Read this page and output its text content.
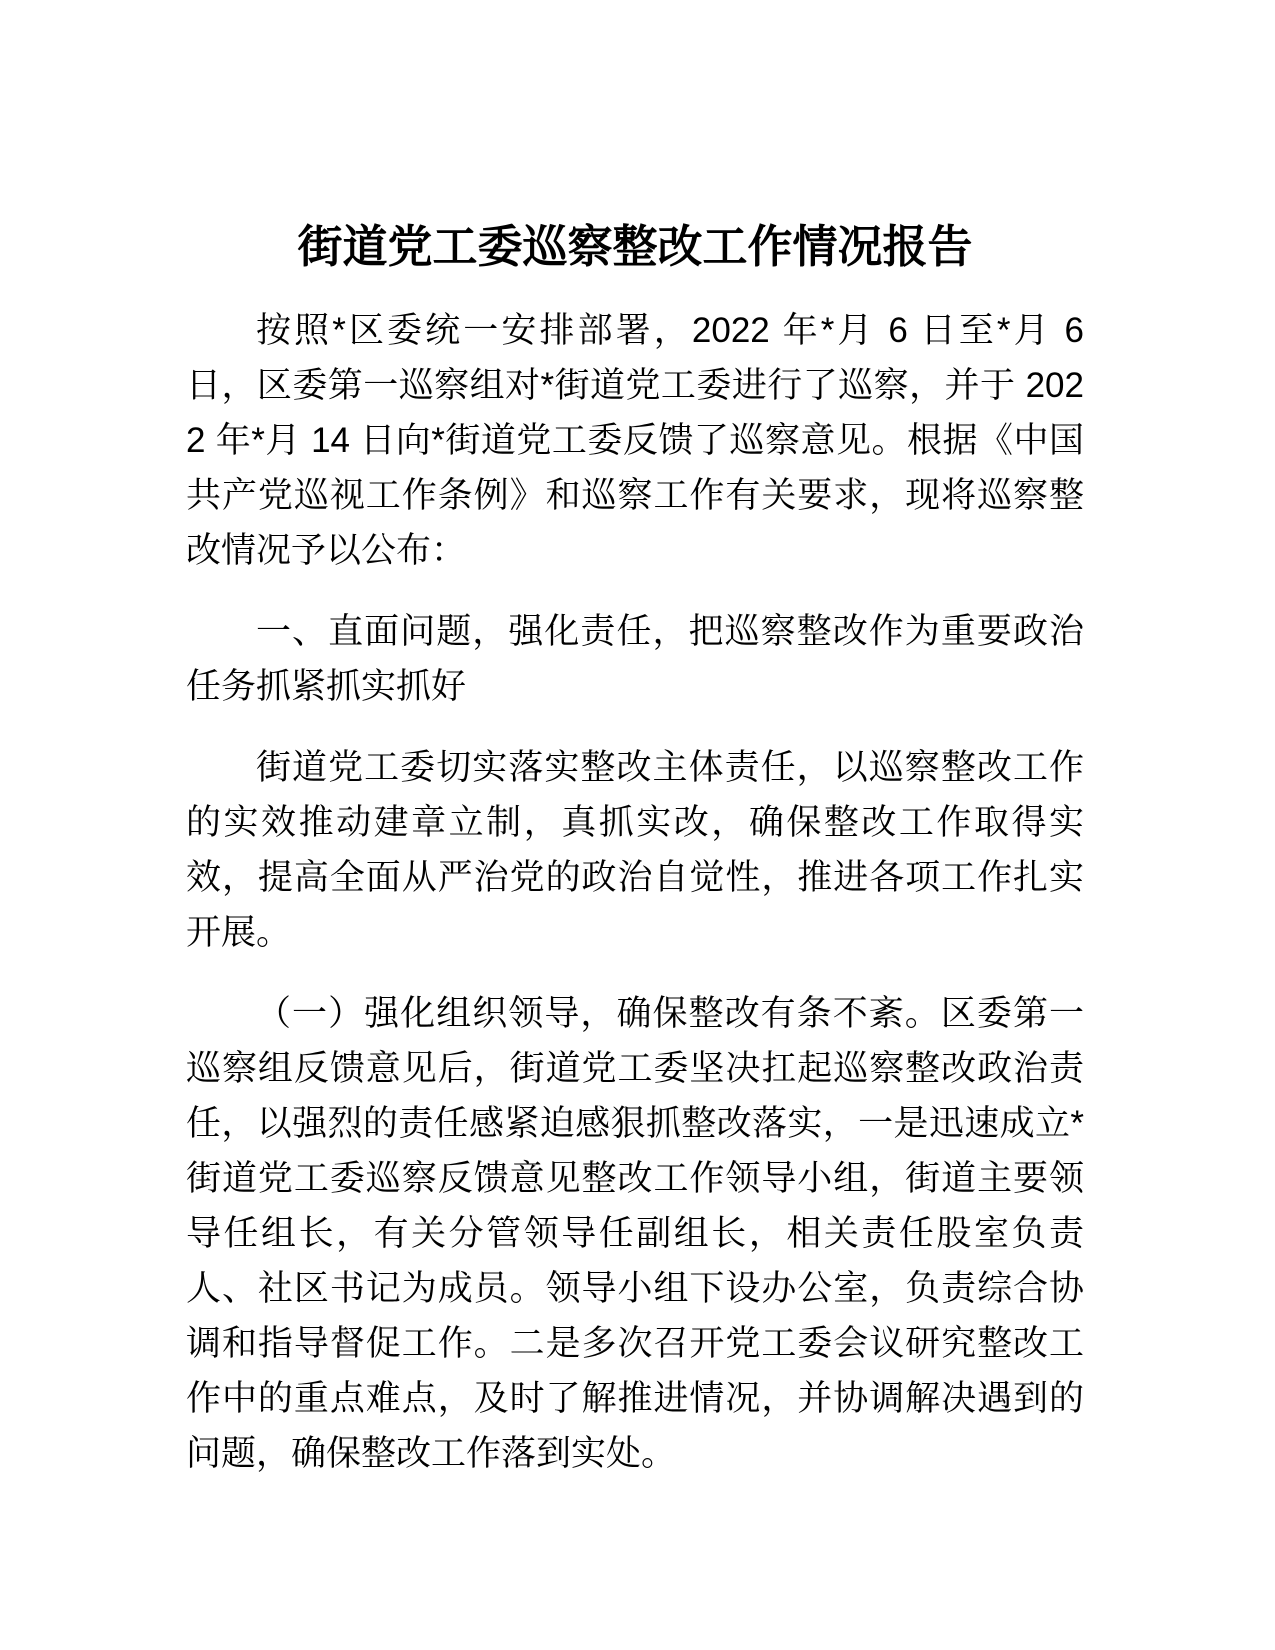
街道党工委巡察整改工作情况报告

按照*区委统一安排部署，2022 年*月 6 日至*月 6 日，区委第一巡察组对*街道党工委进行了巡察，并于 2022 年*月 14 日向*街道党工委反馈了巡察意见。根据《中国共产党巡视工作条例》和巡察工作有关要求，现将巡察整改情况予以公布：

一、直面问题，强化责任，把巡察整改作为重要政治任务抓紧抓实抓好

街道党工委切实落实整改主体责任，以巡察整改工作的实效推动建章立制，真抓实改，确保整改工作取得实效，提高全面从严治党的政治自觉性，推进各项工作扎实开展。

（一）强化组织领导，确保整改有条不紊。区委第一巡察组反馈意见后，街道党工委坚决扛起巡察整改政治责任，以强烈的责任感紧迫感狠抓整改落实，一是迅速成立*街道党工委巡察反馈意见整改工作领导小组，街道主要领导任组长，有关分管领导任副组长，相关责任股室负责人、社区书记为成员。领导小组下设办公室，负责综合协调和指导督促工作。二是多次召开党工委会议研究整改工作中的重点难点，及时了解推进情况，并协调解决遇到的问题，确保整改工作落到实处。
